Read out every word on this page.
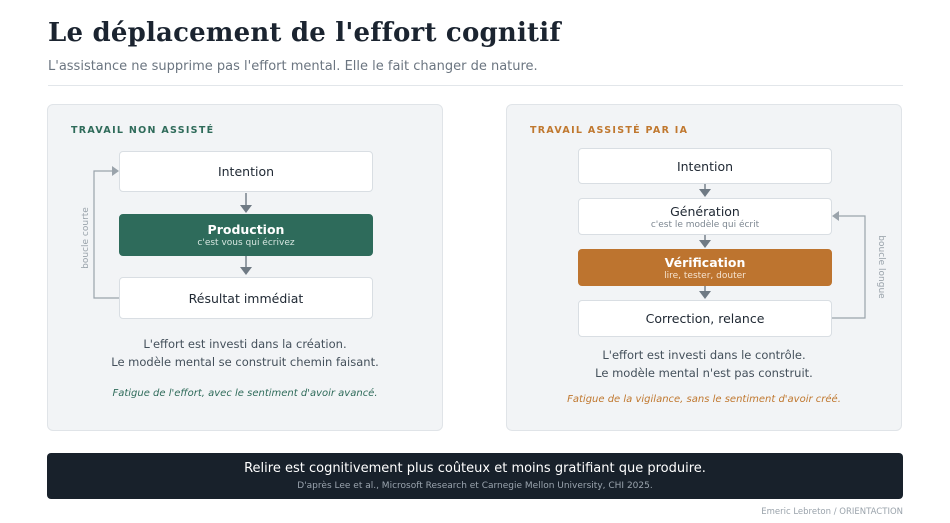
Le déplacement de l'effort cognitif
L'assistance ne supprime pas l'effort mental. Elle le fait changer de nature.
TRAVAIL NON ASSISTÉ
boucle courte
Intention
Production
c'est vous qui écrivez
Résultat immédiat
L'effort est investi dans la création.
Le modèle mental se construit chemin faisant.
Fatigue de l'effort, avec le sentiment d'avoir avancé.
TRAVAIL ASSISTÉ PAR IA
boucle longue
Intention
Génération
c'est le modèle qui écrit
Vérification
lire, tester, douter
Correction, relance
L'effort est investi dans le contrôle.
Le modèle mental n'est pas construit.
Fatigue de la vigilance, sans le sentiment d'avoir créé.
Relire est cognitivement plus coûteux et moins gratifiant que produire.
D'après Lee et al., Microsoft Research et Carnegie Mellon University, CHI 2025.
Emeric Lebreton / ORIENTACTION
